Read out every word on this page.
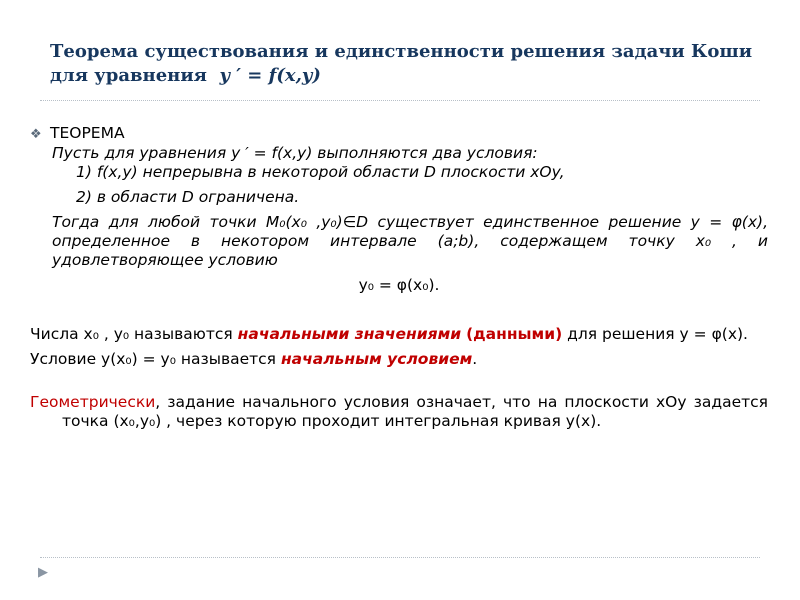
Теорема существования и единственности решения задачи Коши
для уравнения y ′ = f(x,y)
❖ ТЕОРЕМА
Пусть для уравнения y ′ = f(x,y) выполняются два условия:
1) f(x,y) непрерывна в некоторой области D плоскости xOy,
2) в области D ограничена.
Тогда для любой точки M₀(x₀ ,y₀)∈D существует единственное решение y = φ(x), определенное в некотором интервале (a;b), содержащем точку x₀ , и удовлетворяющее условию
y₀ = φ(x₀).
Числа x₀ , y₀ называются начальными значениями (данными) для решения y = φ(x).
Условие y(x₀) = y₀ называется начальным условием.
Геометрически, задание начального условия означает, что на плоскости xOy задается точка (x₀,y₀) , через которую проходит интегральная кривая y(x).
▶
